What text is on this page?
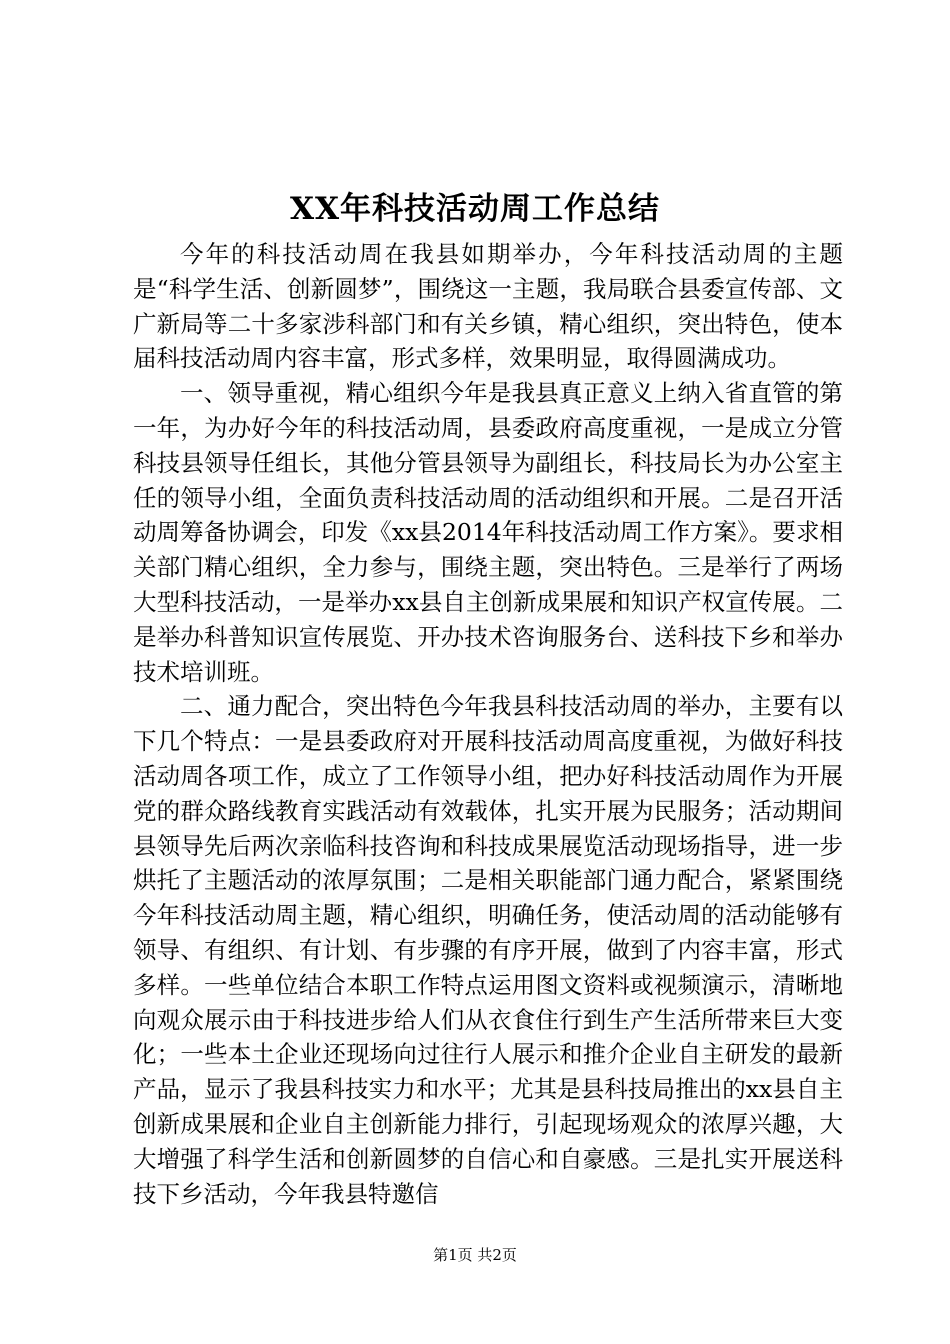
XX年科技活动周工作总结

今年的科技活动周在我县如期举办，今年科技活动周的主题是“科学生活、创新圆梦”，围绕这一主题，我局联合县委宣传部、文广新局等二十多家涉科部门和有关乡镇，精心组织，突出特色，使本届科技活动周内容丰富，形式多样，效果明显，取得圆满成功。

一、领导重视，精心组织今年是我县真正意义上纳入省直管的第一年，为办好今年的科技活动周，县委政府高度重视，一是成立分管科技县领导任组长，其他分管县领导为副组长，科技局长为办公室主任的领导小组，全面负责科技活动周的活动组织和开展。二是召开活动周筹备协调会，印发《xx县2014年科技活动周工作方案》。要求相关部门精心组织，全力参与，围绕主题，突出特色。三是举行了两场大型科技活动，一是举办xx县自主创新成果展和知识产权宣传展。二是举办科普知识宣传展览、开办技术咨询服务台、送科技下乡和举办技术培训班。

二、通力配合，突出特色今年我县科技活动周的举办，主要有以下几个特点：一是县委政府对开展科技活动周高度重视，为做好科技活动周各项工作，成立了工作领导小组，把办好科技活动周作为开展党的群众路线教育实践活动有效载体，扎实开展为民服务；活动期间县领导先后两次亲临科技咨询和科技成果展览活动现场指导，进一步烘托了主题活动的浓厚氛围；二是相关职能部门通力配合，紧紧围绕今年科技活动周主题，精心组织，明确任务，使活动周的活动能够有领导、有组织、有计划、有步骤的有序开展，做到了内容丰富，形式多样。一些单位结合本职工作特点运用图文资料或视频演示，清晰地向观众展示由于科技进步给人们从衣食住行到生产生活所带来巨大变化；一些本土企业还现场向过往行人展示和推介企业自主研发的最新产品，显示了我县科技实力和水平；尤其是县科技局推出的xx县自主创新成果展和企业自主创新能力排行，引起现场观众的浓厚兴趣，大大增强了科学生活和创新圆梦的自信心和自豪感。三是扎实开展送科技下乡活动，今年我县特邀信

第1页 共2页
